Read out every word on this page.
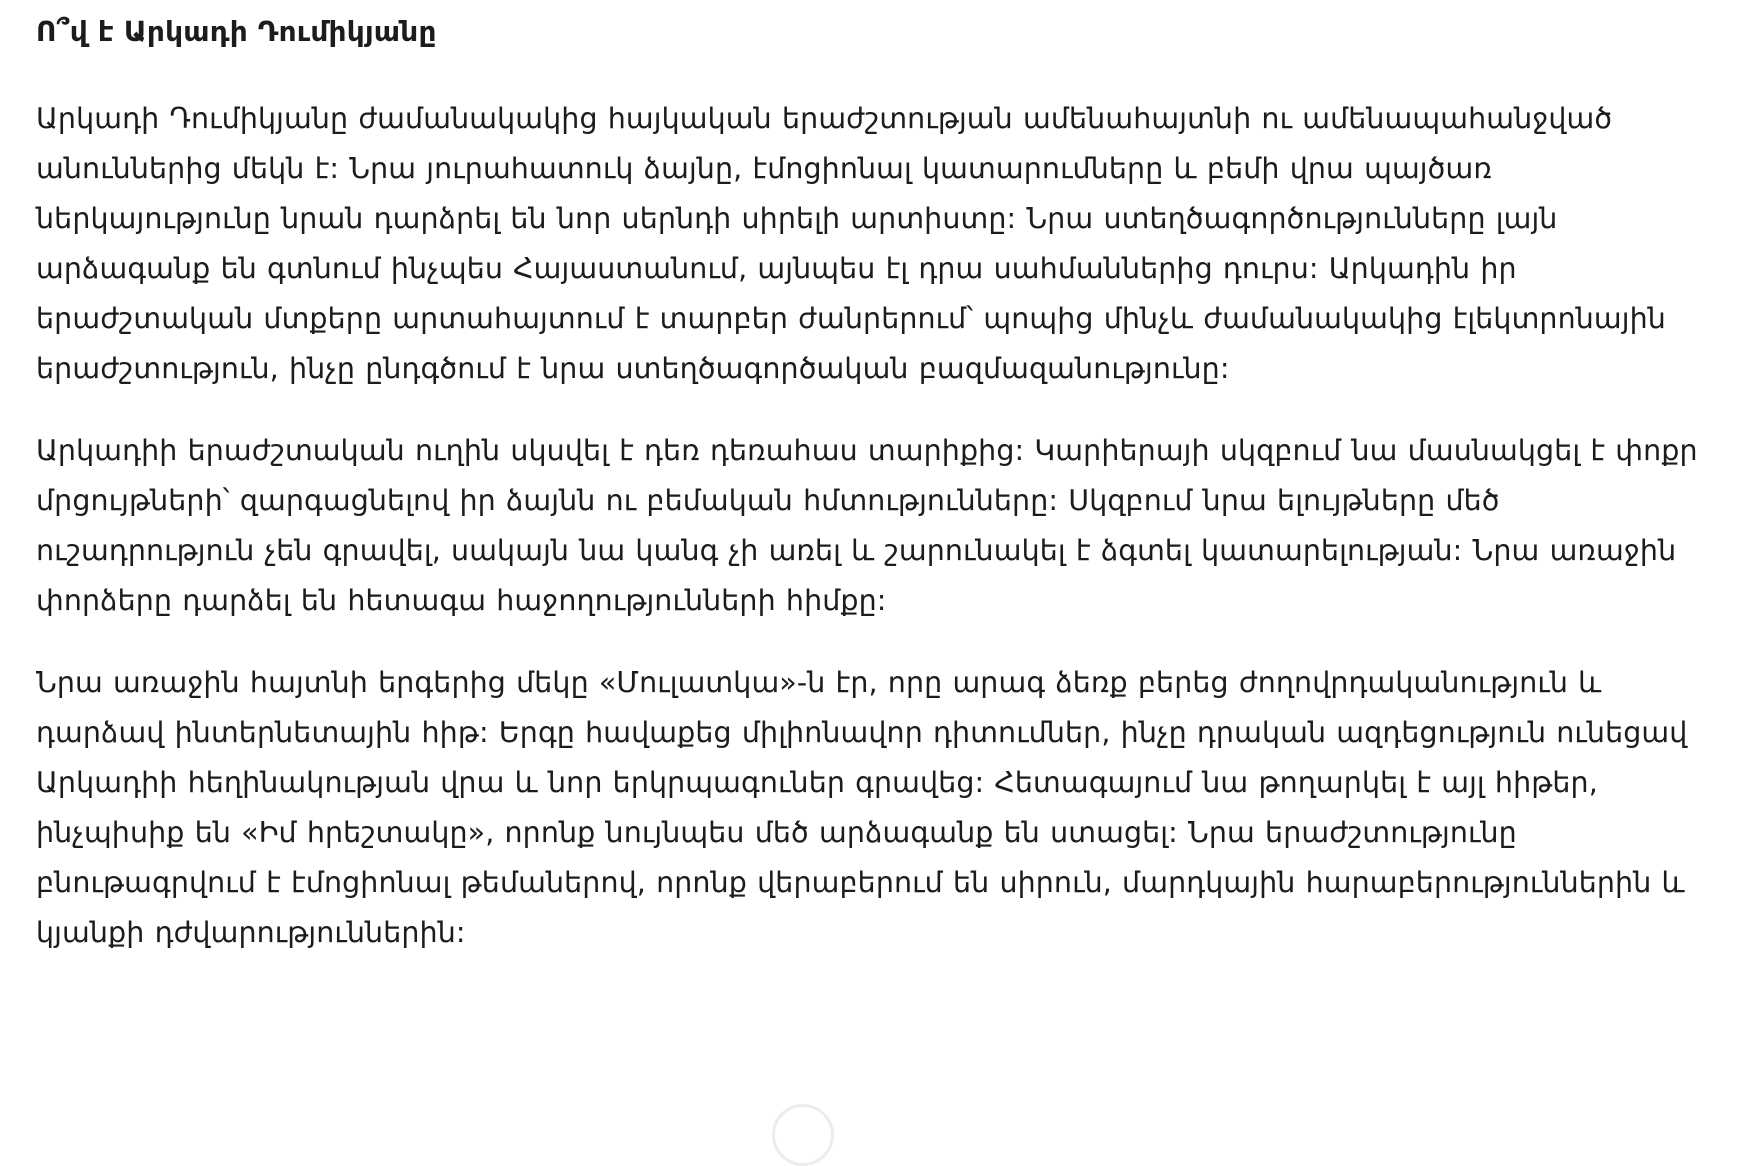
Ո՞վ է Արկադի Դումիկյանը

Արկադի Դումիկյանը ժամանակակից հայկական երաժշտության ամենահայտնի ու ամենապահանջված անուններից մեկն է: Նրա յուրահատուկ ձայնը, էմոցիոնալ կատարումները և բեմի վրա պայծառ ներկայությունը նրան դարձրել են նոր սերնդի սիրելի արտիստը: Նրա ստեղծագործությունները լայն արձագանք են գտնում ինչպես Հայաստանում, այնպես էլ դրա սահմաններից դուրս: Արկադին իր երաժշտական մտքերը արտահայտում է տարբեր ժանրերում՝ պոպից մինչև ժամանակակից էլեկտրոնային երաժշտություն, ինչը ընդգծում է նրա ստեղծագործական բազմազանությունը:

Արկադիի երաժշտական ուղին սկսվել է դեռ դեռահաս տարիքից: Կարիերայի սկզբում նա մասնակցել է փոքր մրցույթների՝ զարգացնելով իր ձայնն ու բեմական հմտությունները: Սկզբում նրա ելույթները մեծ ուշադրություն չեն գրավել, սակայն նա կանգ չի առել և շարունակել է ձգտել կատարելության: Նրա առաջին փորձերը դարձել են հետագա հաջողությունների հիմքը:

Նրա առաջին հայտնի երգերից մեկը «Մուլատկա»-ն էր, որը արագ ձեռք բերեց ժողովրդականություն և դարձավ ինտերնետային հիթ: Երգը հավաքեց միլիոնավոր դիտումներ, ինչը դրական ազդեցություն ունեցավ Արկադիի հեղինակության վրա և նոր երկրպագուներ գրավեց: Հետագայում նա թողարկել է այլ հիթեր, ինչպիսիք են «Իմ հրեշտակը», որոնք նույնպես մեծ արձագանք են ստացել: Նրա երաժշտությունը բնութագրվում է էմոցիոնալ թեմաներով, որոնք վերաբերում են սիրուն, մարդկային հարաբերություններին և կյանքի դժվարություններին:
